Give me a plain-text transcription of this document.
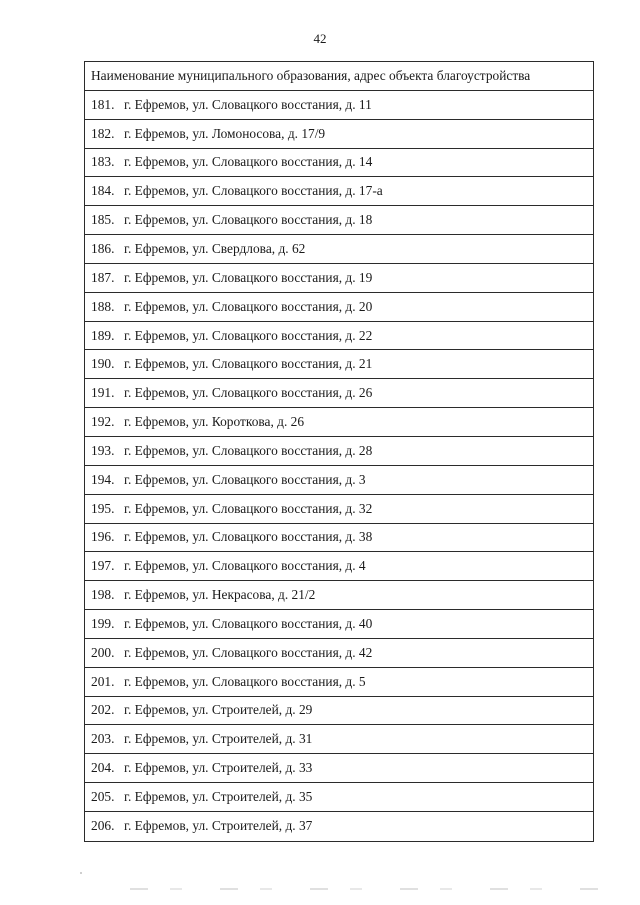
42
Наименование муниципального образования, адрес объекта благоустройства
181. г. Ефремов, ул. Словацкого восстания, д. 11
182. г. Ефремов, ул. Ломоносова, д. 17/9
183. г. Ефремов, ул. Словацкого восстания, д. 14
184. г. Ефремов, ул. Словацкого восстания, д. 17-а
185. г. Ефремов, ул. Словацкого восстания, д. 18
186. г. Ефремов, ул. Свердлова, д. 62
187. г. Ефремов, ул. Словацкого восстания, д. 19
188. г. Ефремов, ул. Словацкого восстания, д. 20
189. г. Ефремов, ул. Словацкого восстания, д. 22
190. г. Ефремов, ул. Словацкого восстания, д. 21
191. г. Ефремов, ул. Словацкого восстания, д. 26
192. г. Ефремов, ул. Короткова, д. 26
193. г. Ефремов, ул. Словацкого восстания, д. 28
194. г. Ефремов, ул. Словацкого восстания, д. 3
195. г. Ефремов, ул. Словацкого восстания, д. 32
196. г. Ефремов, ул. Словацкого восстания, д. 38
197. г. Ефремов, ул. Словацкого восстания, д. 4
198. г. Ефремов, ул. Некрасова, д. 21/2
199. г. Ефремов, ул. Словацкого восстания, д. 40
200. г. Ефремов, ул. Словацкого восстания, д. 42
201. г. Ефремов, ул. Словацкого восстания, д. 5
202. г. Ефремов, ул. Строителей, д. 29
203. г. Ефремов, ул. Строителей, д. 31
204. г. Ефремов, ул. Строителей, д. 33
205. г. Ефремов, ул. Строителей, д. 35
206. г. Ефремов, ул. Строителей, д. 37
